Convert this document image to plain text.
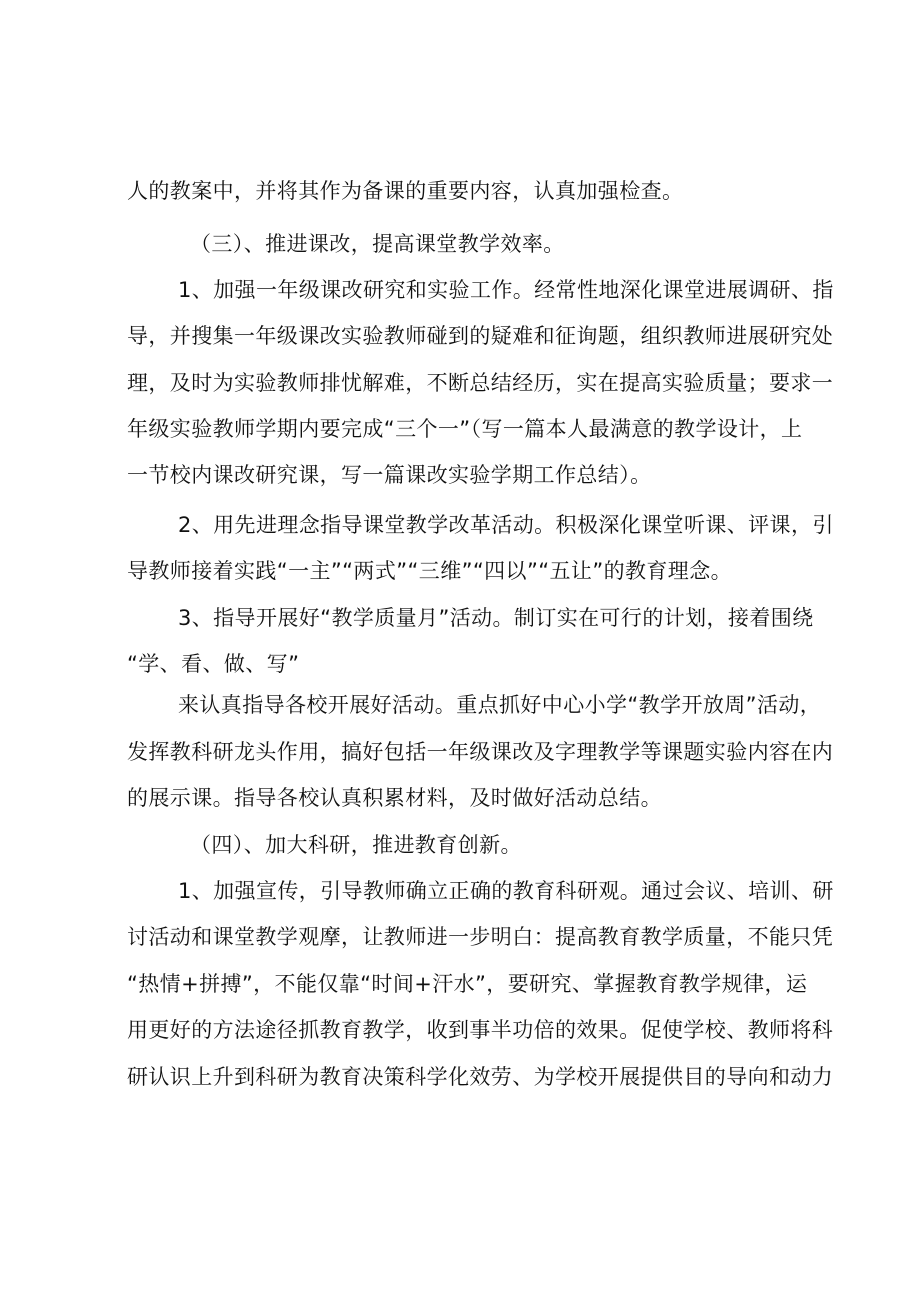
人的教案中，并将其作为备课的重要内容，认真加强检查。
（三）、推进课改，提高课堂教学效率。
1、加强一年级课改研究和实验工作。经常性地深化课堂进展调研、指
导，并搜集一年级课改实验教师碰到的疑难和征询题，组织教师进展研究处
理，及时为实验教师排忧解难，不断总结经历，实在提高实验质量；要求一
年级实验教师学期内要完成“三个一”（写一篇本人最满意的教学设计，上
一节校内课改研究课，写一篇课改实验学期工作总结）。
2、用先进理念指导课堂教学改革活动。积极深化课堂听课、评课，引
导教师接着实践“一主”“两式”“三维”“四以”“五让”的教育理念。
3、指导开展好“教学质量月”活动。制订实在可行的计划，接着围绕
“学、看、做、写”
来认真指导各校开展好活动。重点抓好中心小学“教学开放周”活动，
发挥教科研龙头作用，搞好包括一年级课改及字理教学等课题实验内容在内
的展示课。指导各校认真积累材料，及时做好活动总结。
（四）、加大科研，推进教育创新。
1、加强宣传，引导教师确立正确的教育科研观。通过会议、培训、研
讨活动和课堂教学观摩，让教师进一步明白：提高教育教学质量，不能只凭
“热情+拼搏”，不能仅靠“时间+汗水”，要研究、掌握教育教学规律，运
用更好的方法途径抓教育教学，收到事半功倍的效果。促使学校、教师将科
研认识上升到科研为教育决策科学化效劳、为学校开展提供目的导向和动力
